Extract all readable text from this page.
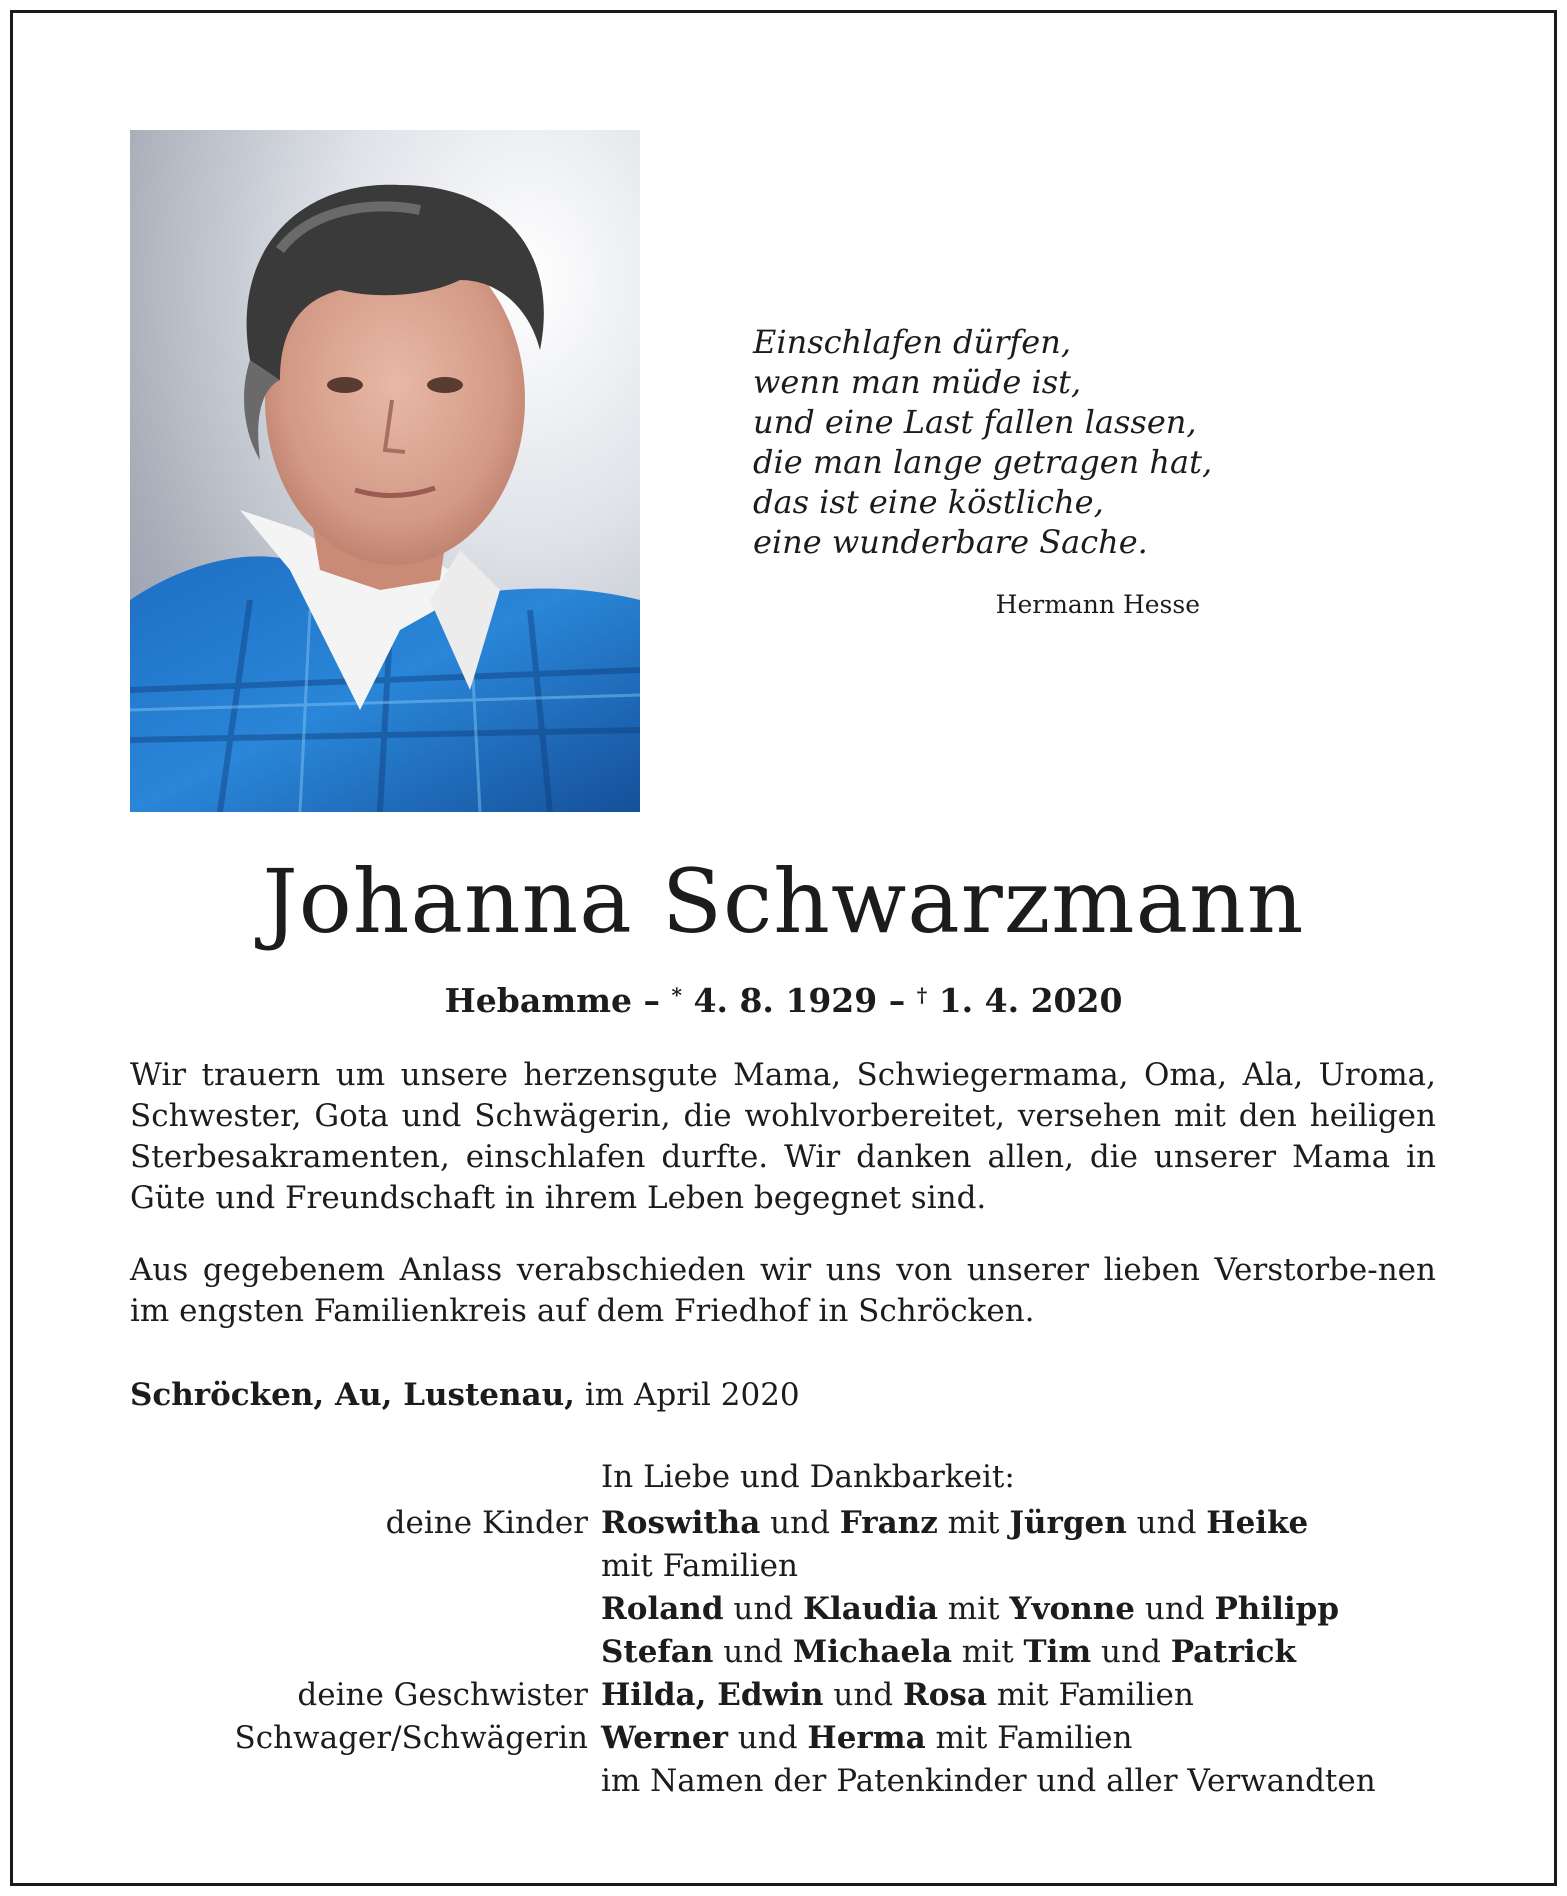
Einschlafen dürfen,
wenn man müde ist,
und eine Last fallen lassen,
die man lange getragen hat,
das ist eine köstliche,
eine wunderbare Sache.
Hermann Hesse
Johanna Schwarzmann
Hebamme – * 4. 8. 1929 – † 1. 4. 2020
Wir trauern um unsere herzensgute Mama, Schwiegermama, Oma, Ala, Uroma, Schwester, Gota und Schwägerin, die wohlvorbereitet, versehen mit den heiligen Sterbesakramenten, einschlafen durfte. Wir danken allen, die unserer Mama in Güte und Freundschaft in ihrem Leben begegnet sind.
Aus gegebenem Anlass verabschieden wir uns von unserer lieben Verstorbe-nen im engsten Familienkreis auf dem Friedhof in Schröcken.
Schröcken, Au, Lustenau, im April 2020
In Liebe und Dankbarkeit:
deine Kinder Roswitha und Franz mit Jürgen und Heike
mit Familien
Roland und Klaudia mit Yvonne und Philipp
Stefan und Michaela mit Tim und Patrick
deine Geschwister Hilda, Edwin und Rosa mit Familien
Schwager/Schwägerin Werner und Herma mit Familien
im Namen der Patenkinder und aller Verwandten
